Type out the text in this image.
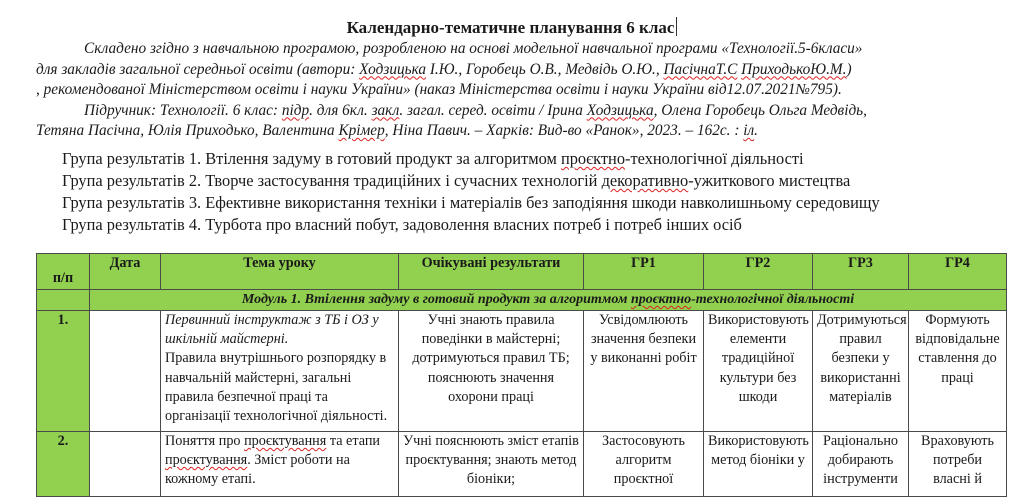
Календарно-тематичне планування 6 клас

Складено згідно з навчальною програмою, розробленою на основі модельної навчальної програми «Технології.5-6класи»

для закладів загальної середньої освіти (автори: Ходзицька І.Ю., Горобець О.В., Медвідь О.Ю., ПасічнаТ.С ПриходькоЮ.М.)

, рекомендованої Міністерством освіти і науки України» (наказ Міністерства освіти і науки України від12.07.2021№795).

Підручник: Технології. 6 клас: підр. для 6кл. закл. загал. серед. освіти / Ірина Ходзицька, Олена Горобець Ольга Медвідь,

Тетяна Пасічна, Юлія Приходько, Валентина Крімер, Ніна Павич. – Харків: Вид-во «Ранок», 2023. – 162с. : іл.

Група результатів 1. Втілення задуму в готовий продукт за алгоритмом проєктно-технологічної діяльності

Група результатів 2. Творче застосування традиційних і сучасних технологій декоративно-ужиткового мистецтва

Група результатів 3. Ефективне використання техніки і матеріалів без заподіяння шкоди навколишньому середовищу

Група результатів 4. Турбота про власний побут, задоволення власних потреб і потреб інших осіб

п/п	Дата	Тема уроку	Очікувані результати	ГР1	ГР2	ГР3	ГР4
	Модуль 1. Втілення задуму в готовий продукт за алгоритмом проєктно-технологічної діяльності						
1.		Первинний інструктаж з ТБ і ОЗ у шкільній майстерні.
Правила внутрішнього розпорядку в навчальній майстерні, загальні правила безпечної праці та організації технологічної діяльності.	Учні знають правила поведінки в майстерні; дотримуються правил ТБ; пояснюють значення охорони праці	Усвідомлюють значення безпеки у виконанні робіт	Використовують елементи традиційної культури без шкоди	Дотримуються правил безпеки у використанні матеріалів	Формують відповідальне ставлення до праці
2.		Поняття про проєктування та етапи проєктування. Зміст роботи на кожному етапі.	Учні пояснюють зміст етапів проєктування; знають метод біоніки;	Застосовують алгоритм проєктної	Використовують метод біоніки у	Раціонально добирають інструменти	Враховують потреби власні й
